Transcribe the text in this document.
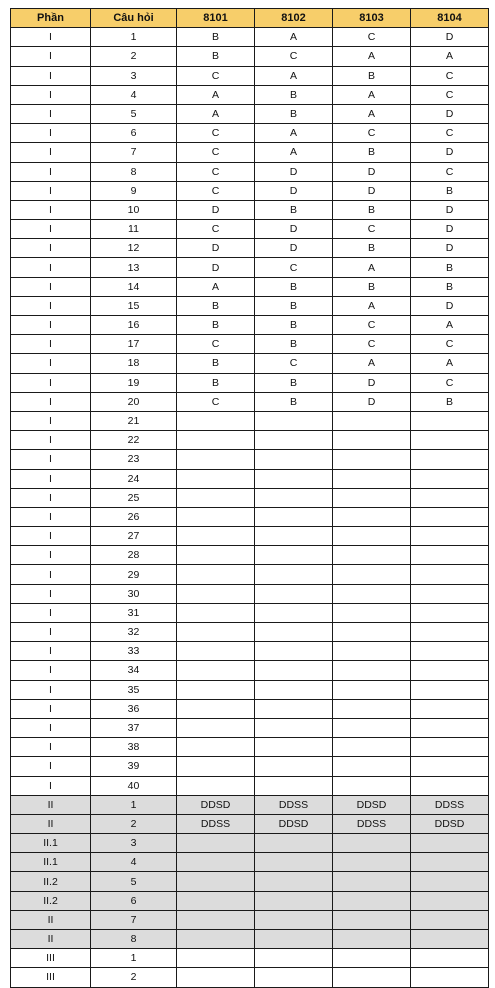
Phần	Câu hỏi	8101	8102	8103	8104
I	1	B	A	C	D
I	2	B	C	A	A
I	3	C	A	B	C
I	4	A	B	A	C
I	5	A	B	A	D
I	6	C	A	C	C
I	7	C	A	B	D
I	8	C	D	D	C
I	9	C	D	D	B
I	10	D	B	B	D
I	11	C	D	C	D
I	12	D	D	B	D
I	13	D	C	A	B
I	14	A	B	B	B
I	15	B	B	A	D
I	16	B	B	C	A
I	17	C	B	C	C
I	18	B	C	A	A
I	19	B	B	D	C
I	20	C	B	D	B
I	21				
I	22				
I	23				
I	24				
I	25				
I	26				
I	27				
I	28				
I	29				
I	30				
I	31				
I	32				
I	33				
I	34				
I	35				
I	36				
I	37				
I	38				
I	39				
I	40				
II	1	DDSD	DDSS	DDSD	DDSS
II	2	DDSS	DDSD	DDSS	DDSD
II.1	3				
II.1	4				
II.2	5				
II.2	6				
II	7				
II	8				
III	1				
III	2				
